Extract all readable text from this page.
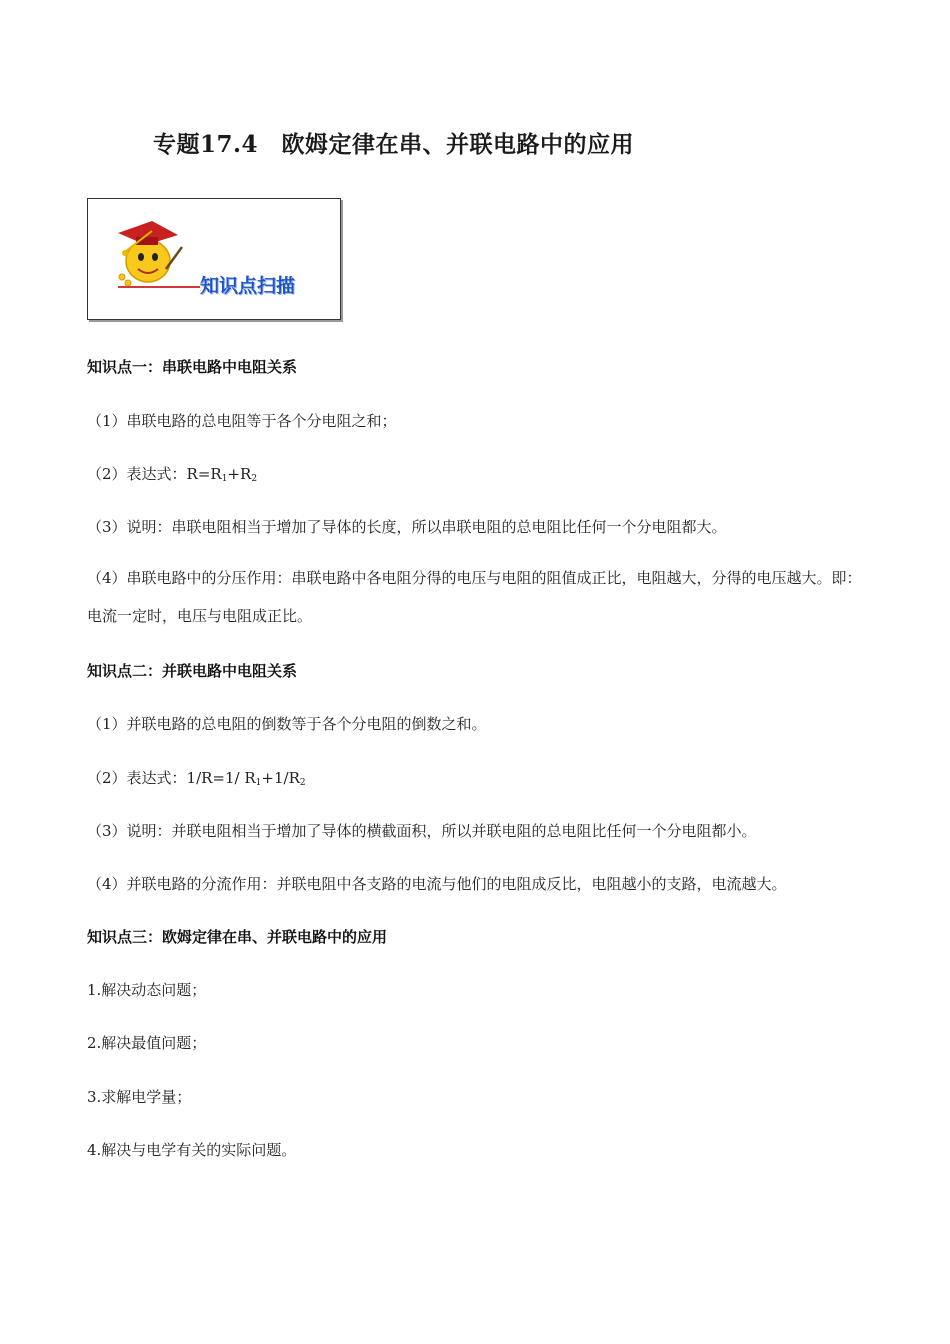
专题17.4　欧姆定律在串、并联电路中的应用
知识点扫描
知识点一：串联电路中电阻关系
（1）串联电路的总电阻等于各个分电阻之和；
（2）表达式：$R=R_1+R_2$
（3）说明：串联电阻相当于增加了导体的长度，所以串联电阻的总电阻比任何一个分电阻都大。
（4）串联电路中的分压作用：串联电路中各电阻分得的电压与电阻的阻值成正比，电阻越大，分得的电压越大。即：电流一定时，电压与电阻成正比。
知识点二：并联电路中电阻关系
（1）并联电路的总电阻的倒数等于各个分电阻的倒数之和。
（2）表达式：1/R=1/ $R_1+1/R_2$
（3）说明：并联电阻相当于增加了导体的横截面积，所以并联电阻的总电阻比任何一个分电阻都小。
（4）并联电路的分流作用：并联电阻中各支路的电流与他们的电阻成反比，电阻越小的支路，电流越大。
知识点三：欧姆定律在串、并联电路中的应用
1.解决动态问题；
2.解决最值问题；
3.求解电学量；
4.解决与电学有关的实际问题。
